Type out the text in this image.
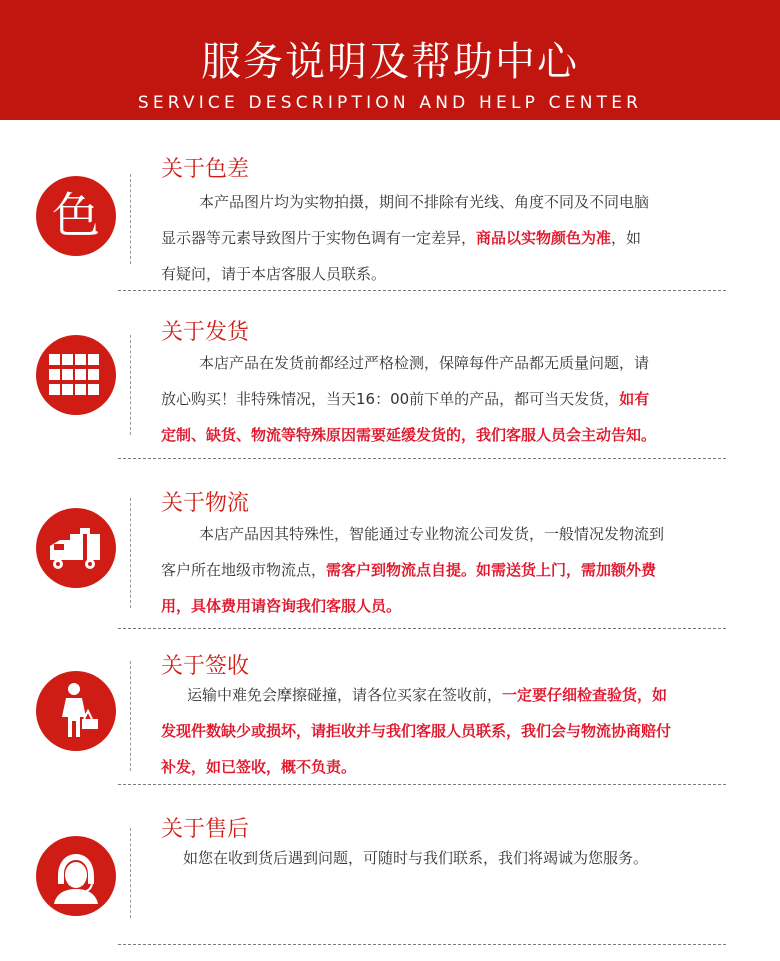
服务说明及帮助中心
SERVICE DESCRIPTION AND HELP CENTER
色
关于色差
本产品图片均为实物拍摄，期间不排除有光线、角度不同及不同电脑
显示器等元素导致图片于实物色调有一定差异，商品以实物颜色为准，如
有疑问，请于本店客服人员联系。
关于发货
本店产品在发货前都经过严格检测，保障每件产品都无质量问题，请
放心购买！非特殊情况，当天16：00前下单的产品，都可当天发货，如有
定制、缺货、物流等特殊原因需要延缓发货的，我们客服人员会主动告知。
关于物流
本店产品因其特殊性，智能通过专业物流公司发货，一般情况发物流到
客户所在地级市物流点，需客户到物流点自提。如需送货上门，需加额外费
用，具体费用请咨询我们客服人员。
关于签收
运输中难免会摩擦碰撞，请各位买家在签收前，一定要仔细检查验货，如
发现件数缺少或损坏，请拒收并与我们客服人员联系，我们会与物流协商赔付
补发，如已签收，概不负责。
关于售后
如您在收到货后遇到问题，可随时与我们联系，我们将竭诚为您服务。
